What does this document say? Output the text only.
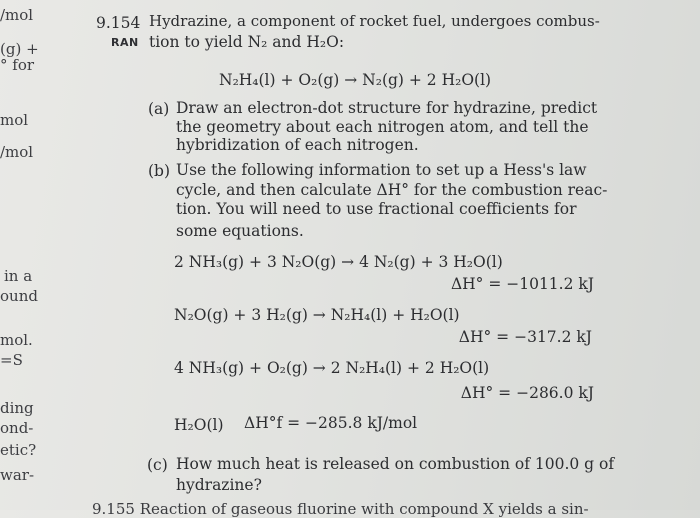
/mol
(g) +
° for
mol
/mol
in a
ound
mol.
=S
ding
ond-
etic?
war-
9.154 Hydrazine, a component of rocket fuel, undergoes combus-
RAN tion to yield N₂ and H₂O:
N₂H₄(l) + O₂(g) → N₂(g) + 2 H₂O(l)
(a) Draw an electron-dot structure for hydrazine, predict
the geometry about each nitrogen atom, and tell the
hybridization of each nitrogen.
(b) Use the following information to set up a Hess's law
cycle, and then calculate ΔH° for the combustion reac-
tion. You will need to use fractional coefficients for
some equations.
2 NH₃(g) + 3 N₂O(g) → 4 N₂(g) + 3 H₂O(l)
ΔH° = −1011.2 kJ
N₂O(g) + 3 H₂(g) → N₂H₄(l) + H₂O(l)
ΔH° = −317.2 kJ
4 NH₃(g) + O₂(g) → 2 N₂H₄(l) + 2 H₂O(l)
ΔH° = −286.0 kJ
H₂O(l) ΔH°f = −285.8 kJ/mol
(c) How much heat is released on combustion of 100.0 g of
hydrazine?
9.155 Reaction of gaseous fluorine with compound X yields a sin-
